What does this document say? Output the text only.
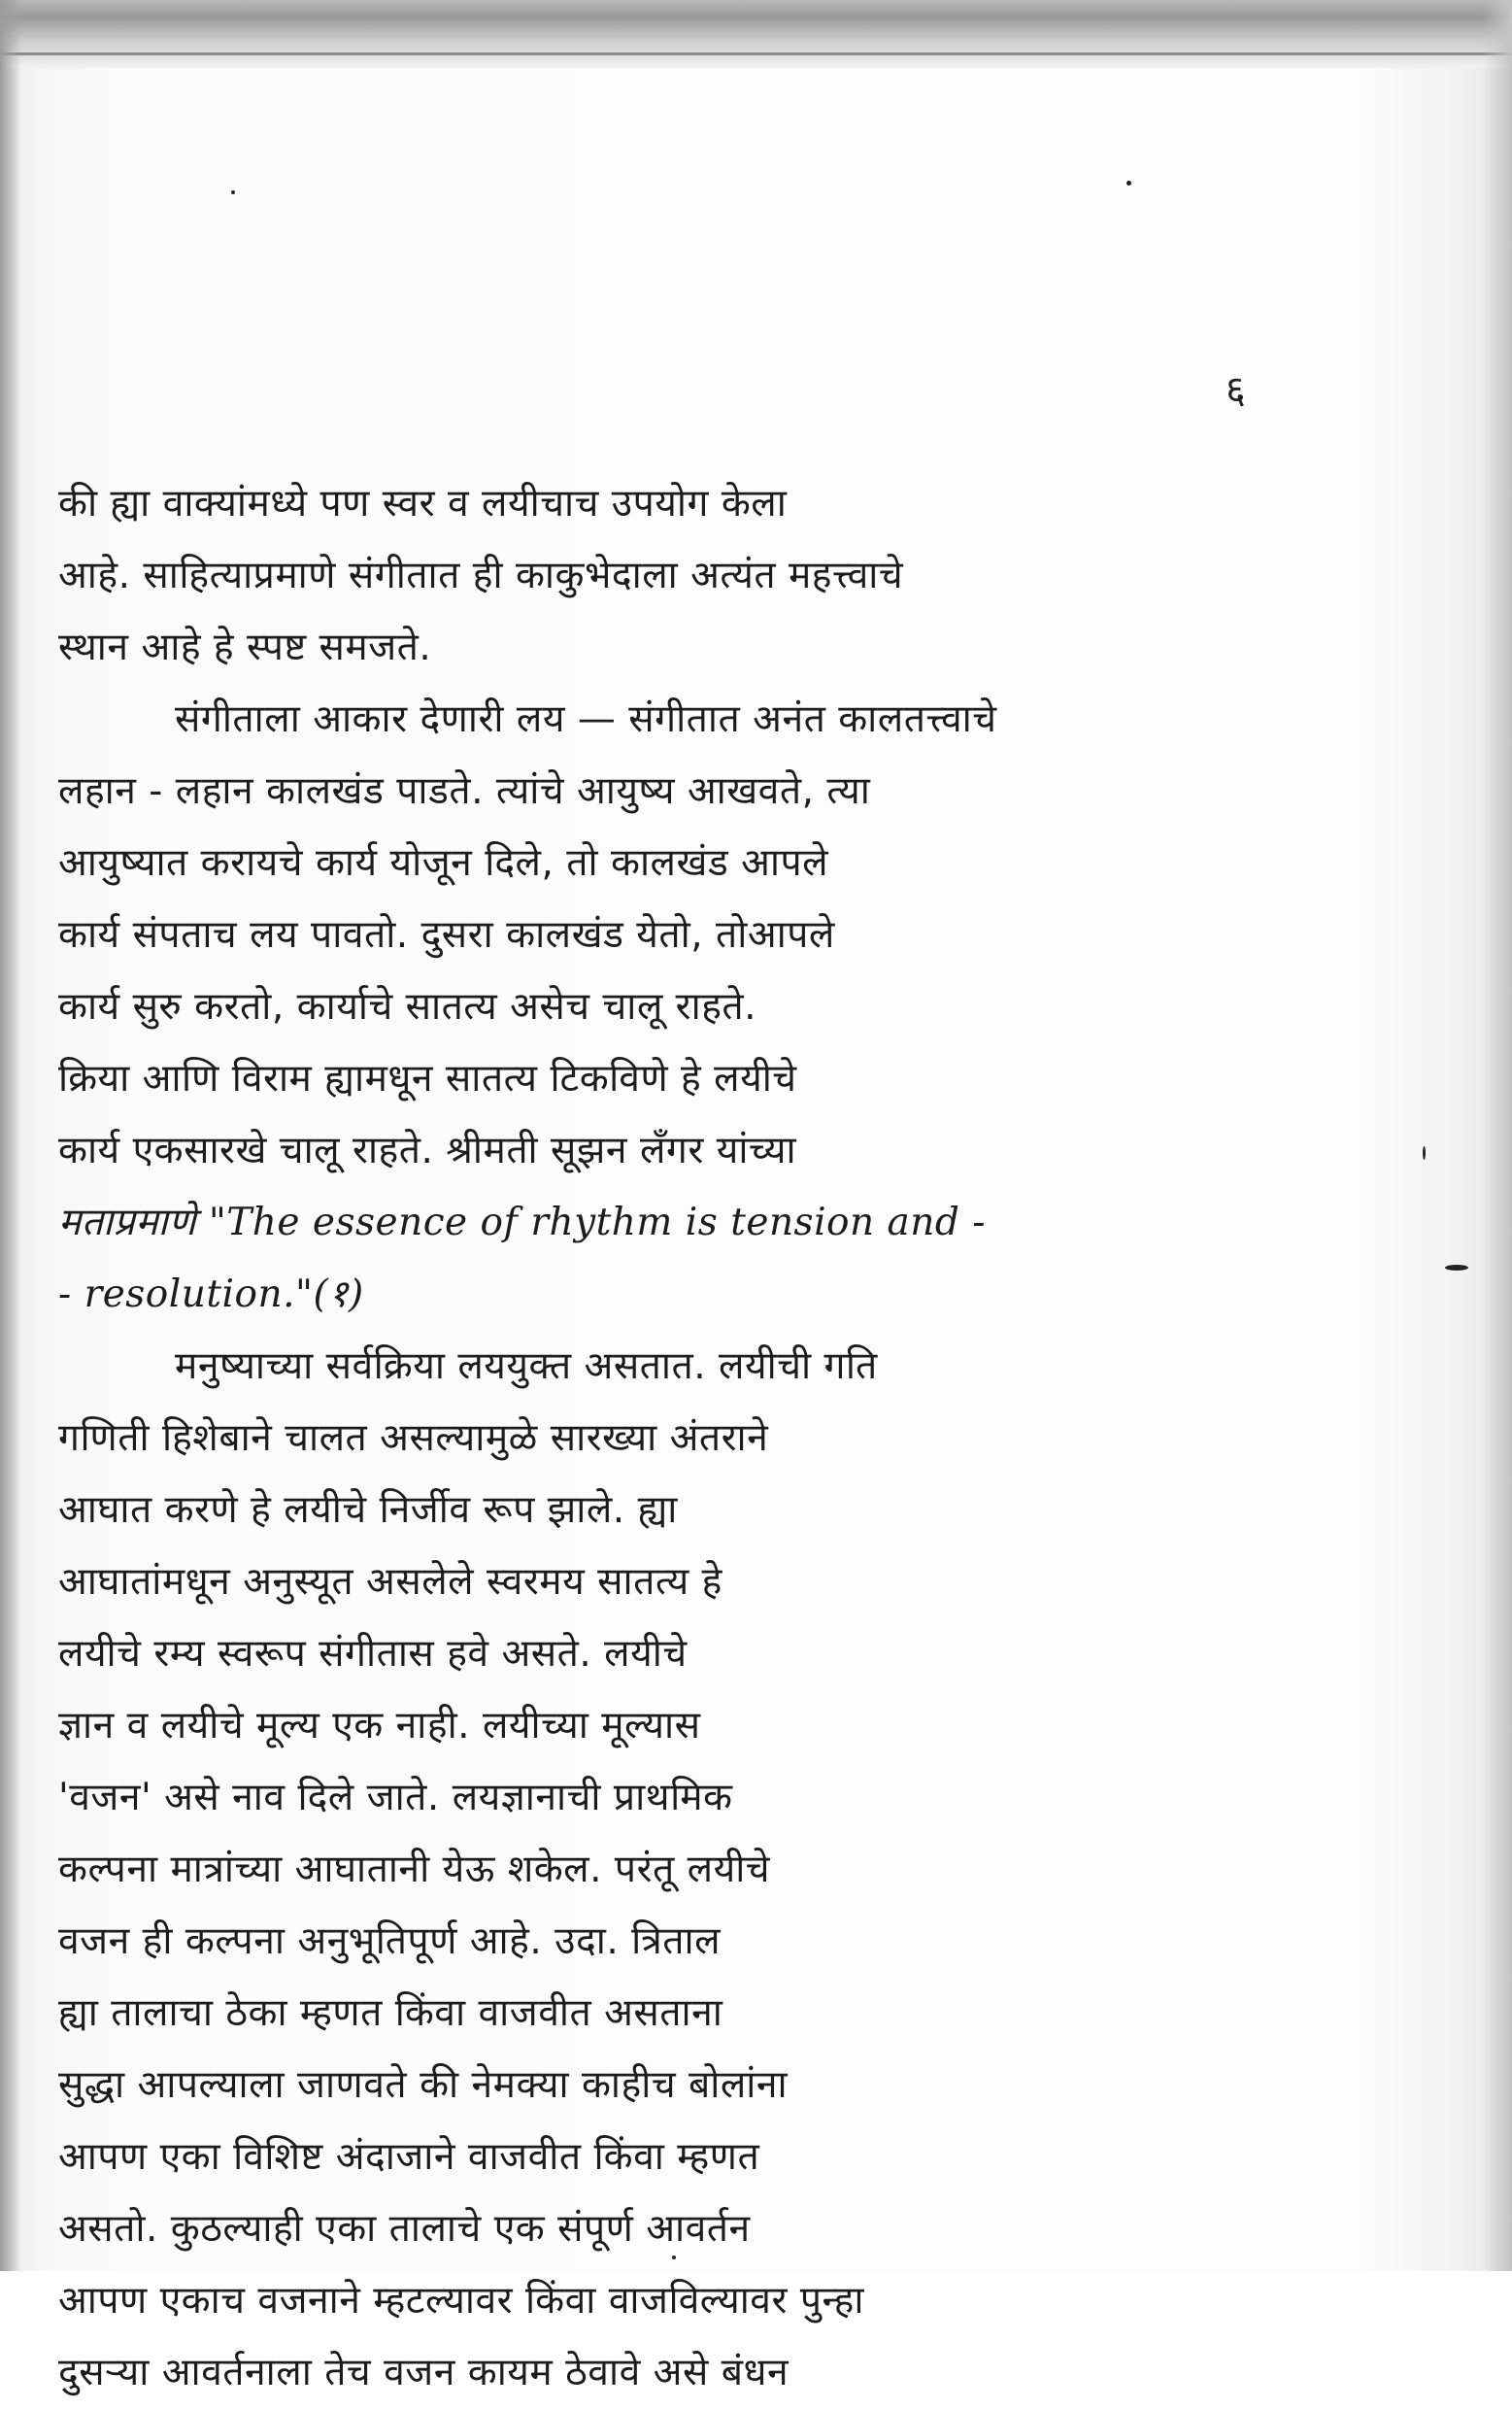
६
की ह्या वाक्यांमध्ये पण स्वर व लयीचाच उपयोग केला
आहे. साहित्याप्रमाणे संगीतात ही काकुभेदाला अत्यंत महत्त्वाचे
स्थान आहे हे स्पष्ट समजते.
संगीताला आकार देणारी लय — संगीतात अनंत कालतत्त्वाचे
लहान - लहान कालखंड पाडते. त्यांचे आयुष्य आखवते, त्या
आयुष्यात करायचे कार्य योजून दिले, तो कालखंड आपले
कार्य संपताच लय पावतो. दुसरा कालखंड येतो, तोआपले
कार्य सुरु करतो, कार्याचे सातत्य असेच चालू राहते.
क्रिया आणि विराम ह्यामधून सातत्य टिकविणे हे लयीचे
कार्य एकसारखे चालू राहते. श्रीमती सूझन लँगर यांच्या
मताप्रमाणे "The essence of rhythm is tension and -
- resolution."(१)
मनुष्याच्या सर्वक्रिया लययुक्त असतात. लयीची गति
गणिती हिशेबाने चालत असल्यामुळे सारख्या अंतराने
आघात करणे हे लयीचे निर्जीव रूप झाले. ह्या
आघातांमधून अनुस्यूत असलेले स्वरमय सातत्य हे
लयीचे रम्य स्वरूप संगीतास हवे असते. लयीचे
ज्ञान व लयीचे मूल्य एक नाही. लयीच्या मूल्यास
'वजन' असे नाव दिले जाते. लयज्ञानाची प्राथमिक
कल्पना मात्रांच्या आघातानी येऊ शकेल. परंतू लयीचे
वजन ही कल्पना अनुभूतिपूर्ण आहे. उदा. त्रिताल
ह्या तालाचा ठेका म्हणत किंवा वाजवीत असताना
सुद्धा आपल्याला जाणवते की नेमक्या काहीच बोलांना
आपण एका विशिष्ट अंदाजाने वाजवीत किंवा म्हणत
असतो. कुठल्याही एका तालाचे एक संपूर्ण आवर्तन
आपण एकाच वजनाने म्हटल्यावर किंवा वाजविल्यावर पुन्हा
दुसऱ्या आवर्तनाला तेच वजन कायम ठेवावे असे बंधन
